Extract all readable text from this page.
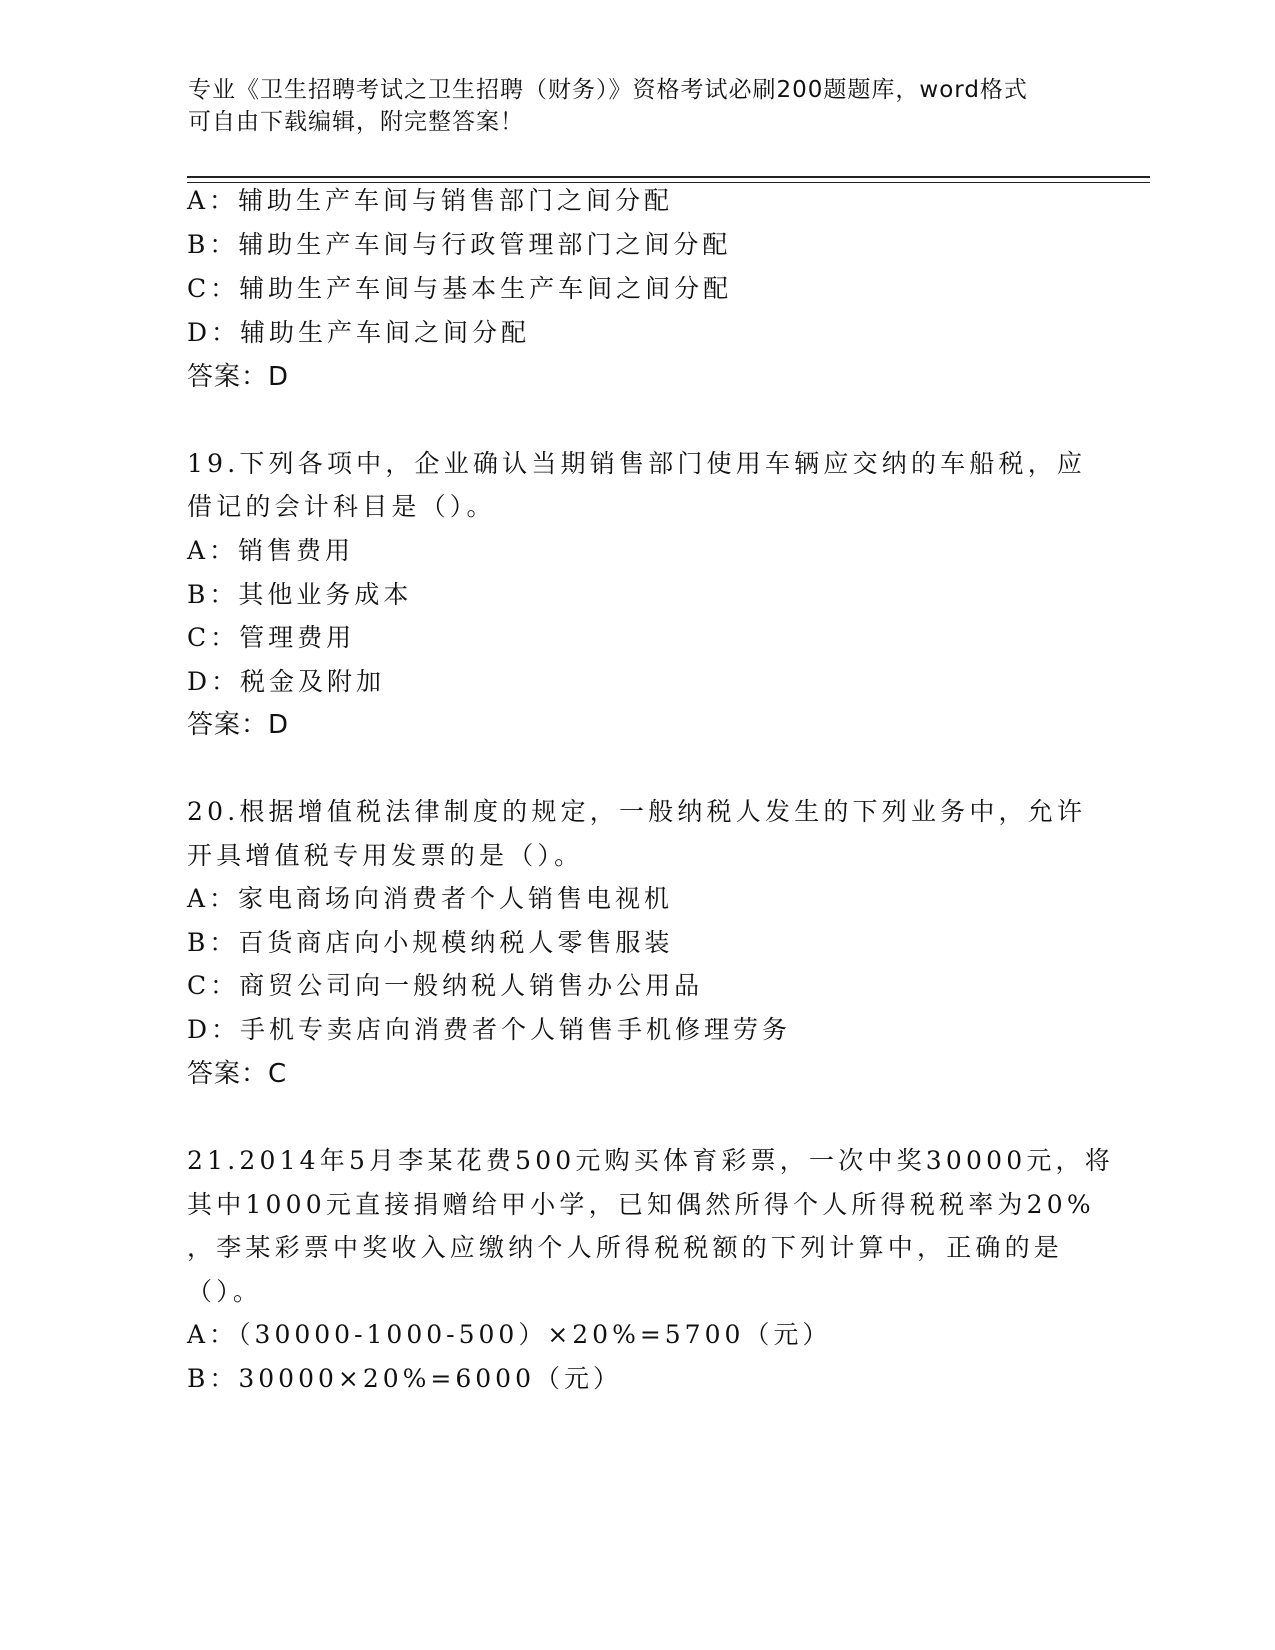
专业《卫生招聘考试之卫生招聘（财务）》资格考试必刷200题题库，word格式
可自由下载编辑，附完整答案！
A：辅助生产车间与销售部门之间分配
B：辅助生产车间与行政管理部门之间分配
C：辅助生产车间与基本生产车间之间分配
D：辅助生产车间之间分配
答案：D
19.下列各项中，企业确认当期销售部门使用车辆应交纳的车船税，应
借记的会计科目是（）。
A：销售费用
B：其他业务成本
C：管理费用
D：税金及附加
答案：D
20.根据增值税法律制度的规定，一般纳税人发生的下列业务中，允许
开具增值税专用发票的是（）。
A：家电商场向消费者个人销售电视机
B：百货商店向小规模纳税人零售服装
C：商贸公司向一般纳税人销售办公用品
D：手机专卖店向消费者个人销售手机修理劳务
答案：C
21.2014年5月李某花费500元购买体育彩票，一次中奖30000元，将
其中1000元直接捐赠给甲小学，已知偶然所得个人所得税税率为20%
，李某彩票中奖收入应缴纳个人所得税税额的下列计算中，正确的是
（）。
A：（30000-1000-500）×20%=5700（元）
B：30000×20%=6000（元）
